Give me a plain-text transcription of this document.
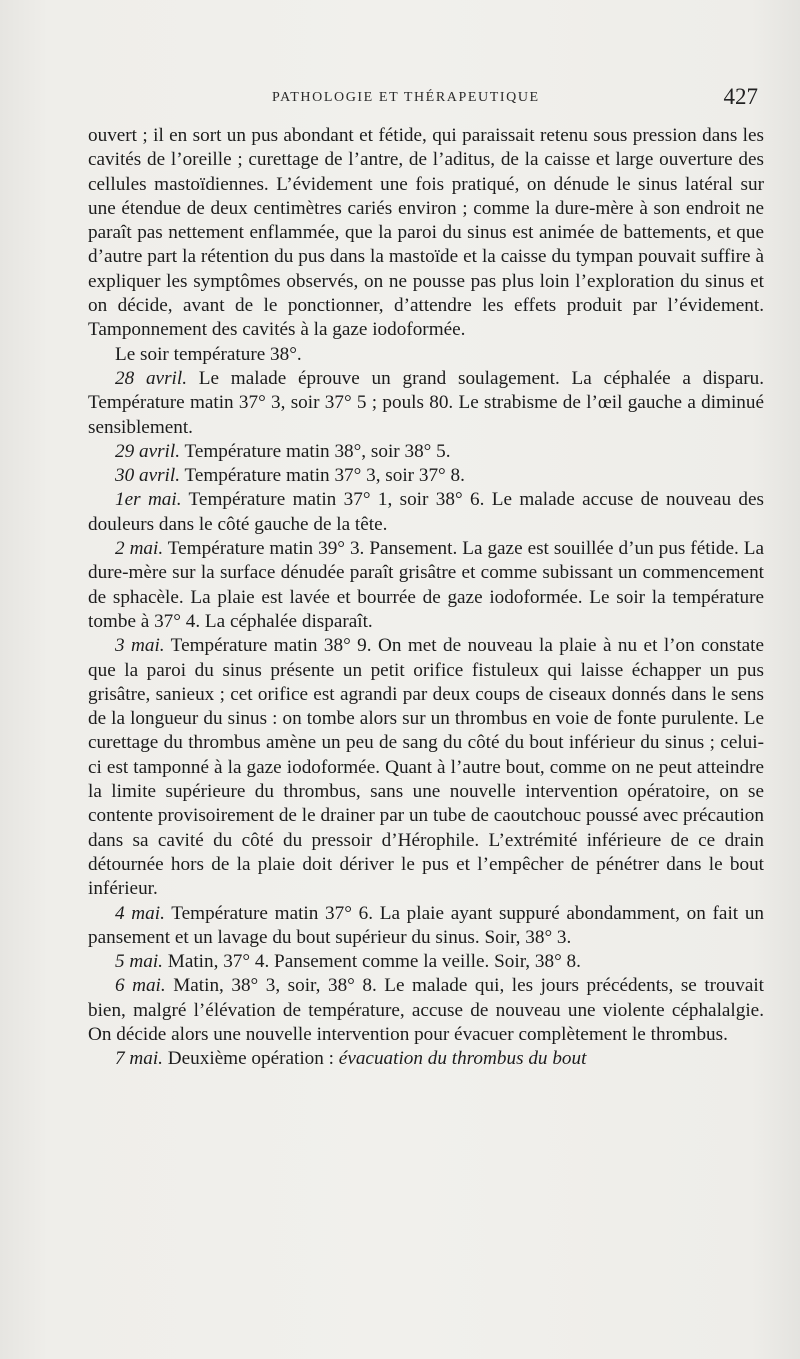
PATHOLOGIE ET THÉRAPEUTIQUE	427

ouvert ; il en sort un pus abondant et fétide, qui paraissait retenu sous pression dans les cavités de l’oreille ; curettage de l’antre, de l’aditus, de la caisse et large ouverture des cellules mastoïdiennes. L’évidement une fois pratiqué, on dénude le sinus latéral sur une étendue de deux centimètres cariés environ ; comme la dure-mère à son endroit ne paraît pas nettement enflammée, que la paroi du sinus est animée de battements, et que d’autre part la rétention du pus dans la mastoïde et la caisse du tympan pouvait suffire à expliquer les symptômes observés, on ne pousse pas plus loin l’exploration du sinus et on décide, avant de le ponctionner, d’attendre les effets produit par l’évidement. Tamponnement des cavités à la gaze iodoformée.

Le soir température 38°.

28 avril. Le malade éprouve un grand soulagement. La céphalée a disparu. Température matin 37° 3, soir 37° 5 ; pouls 80. Le strabisme de l’œil gauche a diminué sensiblement.

29 avril. Température matin 38°, soir 38° 5.

30 avril. Température matin 37° 3, soir 37° 8.

1er mai. Température matin 37° 1, soir 38° 6. Le malade accuse de nouveau des douleurs dans le côté gauche de la tête.

2 mai. Température matin 39° 3. Pansement. La gaze est souillée d’un pus fétide. La dure-mère sur la surface dénudée paraît grisâtre et comme subissant un commencement de sphacèle. La plaie est lavée et bourrée de gaze iodoformée. Le soir la température tombe à 37° 4. La céphalée disparaît.

3 mai. Température matin 38° 9. On met de nouveau la plaie à nu et l’on constate que la paroi du sinus présente un petit orifice fistuleux qui laisse échapper un pus grisâtre, sanieux ; cet orifice est agrandi par deux coups de ciseaux donnés dans le sens de la longueur du sinus : on tombe alors sur un thrombus en voie de fonte purulente. Le curettage du thrombus amène un peu de sang du côté du bout inférieur du sinus ; celui-ci est tamponné à la gaze iodoformée. Quant à l’autre bout, comme on ne peut atteindre la limite supérieure du thrombus, sans une nouvelle intervention opératoire, on se contente provisoirement de le drainer par un tube de caoutchouc poussé avec précaution dans sa cavité du côté du pressoir d’Hérophile. L’extrémité inférieure de ce drain détournée hors de la plaie doit dériver le pus et l’empêcher de pénétrer dans le bout inférieur.

4 mai. Température matin 37° 6. La plaie ayant suppuré abondamment, on fait un pansement et un lavage du bout supérieur du sinus. Soir, 38° 3.

5 mai. Matin, 37° 4. Pansement comme la veille. Soir, 38° 8.

6 mai. Matin, 38° 3, soir, 38° 8. Le malade qui, les jours précédents, se trouvait bien, malgré l’élévation de température, accuse de nouveau une violente céphalalgie. On décide alors une nouvelle intervention pour évacuer complètement le thrombus.

7 mai. Deuxième opération : évacuation du thrombus du bout
